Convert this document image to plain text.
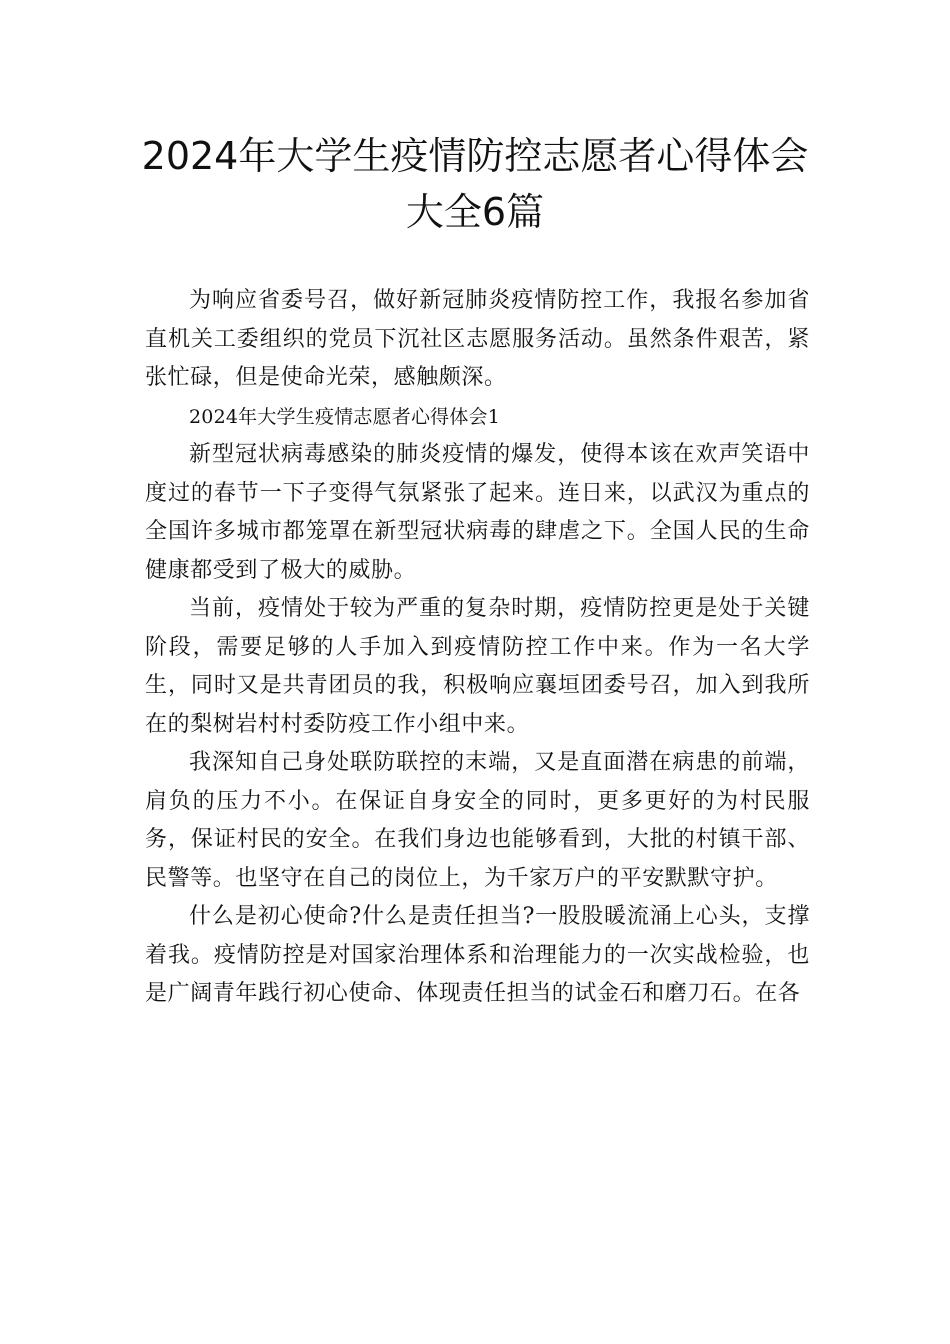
2024年大学生疫情防控志愿者心得体会
大全6篇

为响应省委号召，做好新冠肺炎疫情防控工作，我报名参加省直机关工委组织的党员下沉社区志愿服务活动。虽然条件艰苦，紧张忙碌，但是使命光荣，感触颇深。

2024年大学生疫情志愿者心得体会1

新型冠状病毒感染的肺炎疫情的爆发，使得本该在欢声笑语中度过的春节一下子变得气氛紧张了起来。连日来，以武汉为重点的全国许多城市都笼罩在新型冠状病毒的肆虐之下。全国人民的生命健康都受到了极大的威胁。

当前，疫情处于较为严重的复杂时期，疫情防控更是处于关键阶段，需要足够的人手加入到疫情防控工作中来。作为一名大学生，同时又是共青团员的我，积极响应襄垣团委号召，加入到我所在的梨树岩村村委防疫工作小组中来。

我深知自己身处联防联控的末端，又是直面潜在病患的前端，肩负的压力不小。在保证自身安全的同时，更多更好的为村民服务，保证村民的安全。在我们身边也能够看到，大批的村镇干部、民警等。也坚守在自己的岗位上，为千家万户的平安默默守护。

什么是初心使命?什么是责任担当?一股股暖流涌上心头，支撑着我。疫情防控是对国家治理体系和治理能力的一次实战检验，也是广阔青年践行初心使命、体现责任担当的试金石和磨刀石。在各
